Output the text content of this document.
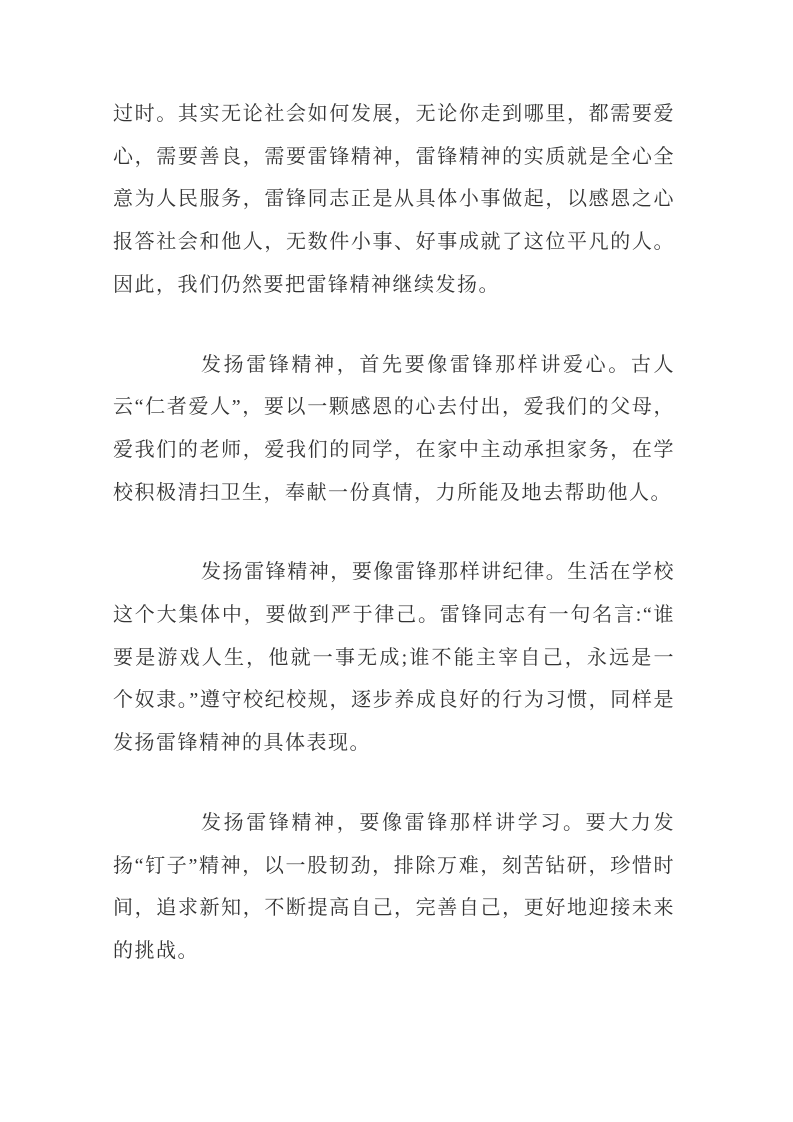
过时。其实无论社会如何发展，无论你走到哪里，都需要爱心，需要善良，需要雷锋精神，雷锋精神的实质就是全心全意为人民服务，雷锋同志正是从具体小事做起，以感恩之心报答社会和他人，无数件小事、好事成就了这位平凡的人。因此，我们仍然要把雷锋精神继续发扬。

发扬雷锋精神，首先要像雷锋那样讲爱心。古人云“仁者爱人”，要以一颗感恩的心去付出，爱我们的父母，爱我们的老师，爱我们的同学，在家中主动承担家务，在学校积极清扫卫生，奉献一份真情，力所能及地去帮助他人。

发扬雷锋精神，要像雷锋那样讲纪律。生活在学校这个大集体中，要做到严于律己。雷锋同志有一句名言:“谁要是游戏人生，他就一事无成;谁不能主宰自己，永远是一个奴隶。”遵守校纪校规，逐步养成良好的行为习惯，同样是发扬雷锋精神的具体表现。

发扬雷锋精神，要像雷锋那样讲学习。要大力发扬“钉子”精神，以一股韧劲，排除万难，刻苦钻研，珍惜时间，追求新知，不断提高自己，完善自己，更好地迎接未来的挑战。
